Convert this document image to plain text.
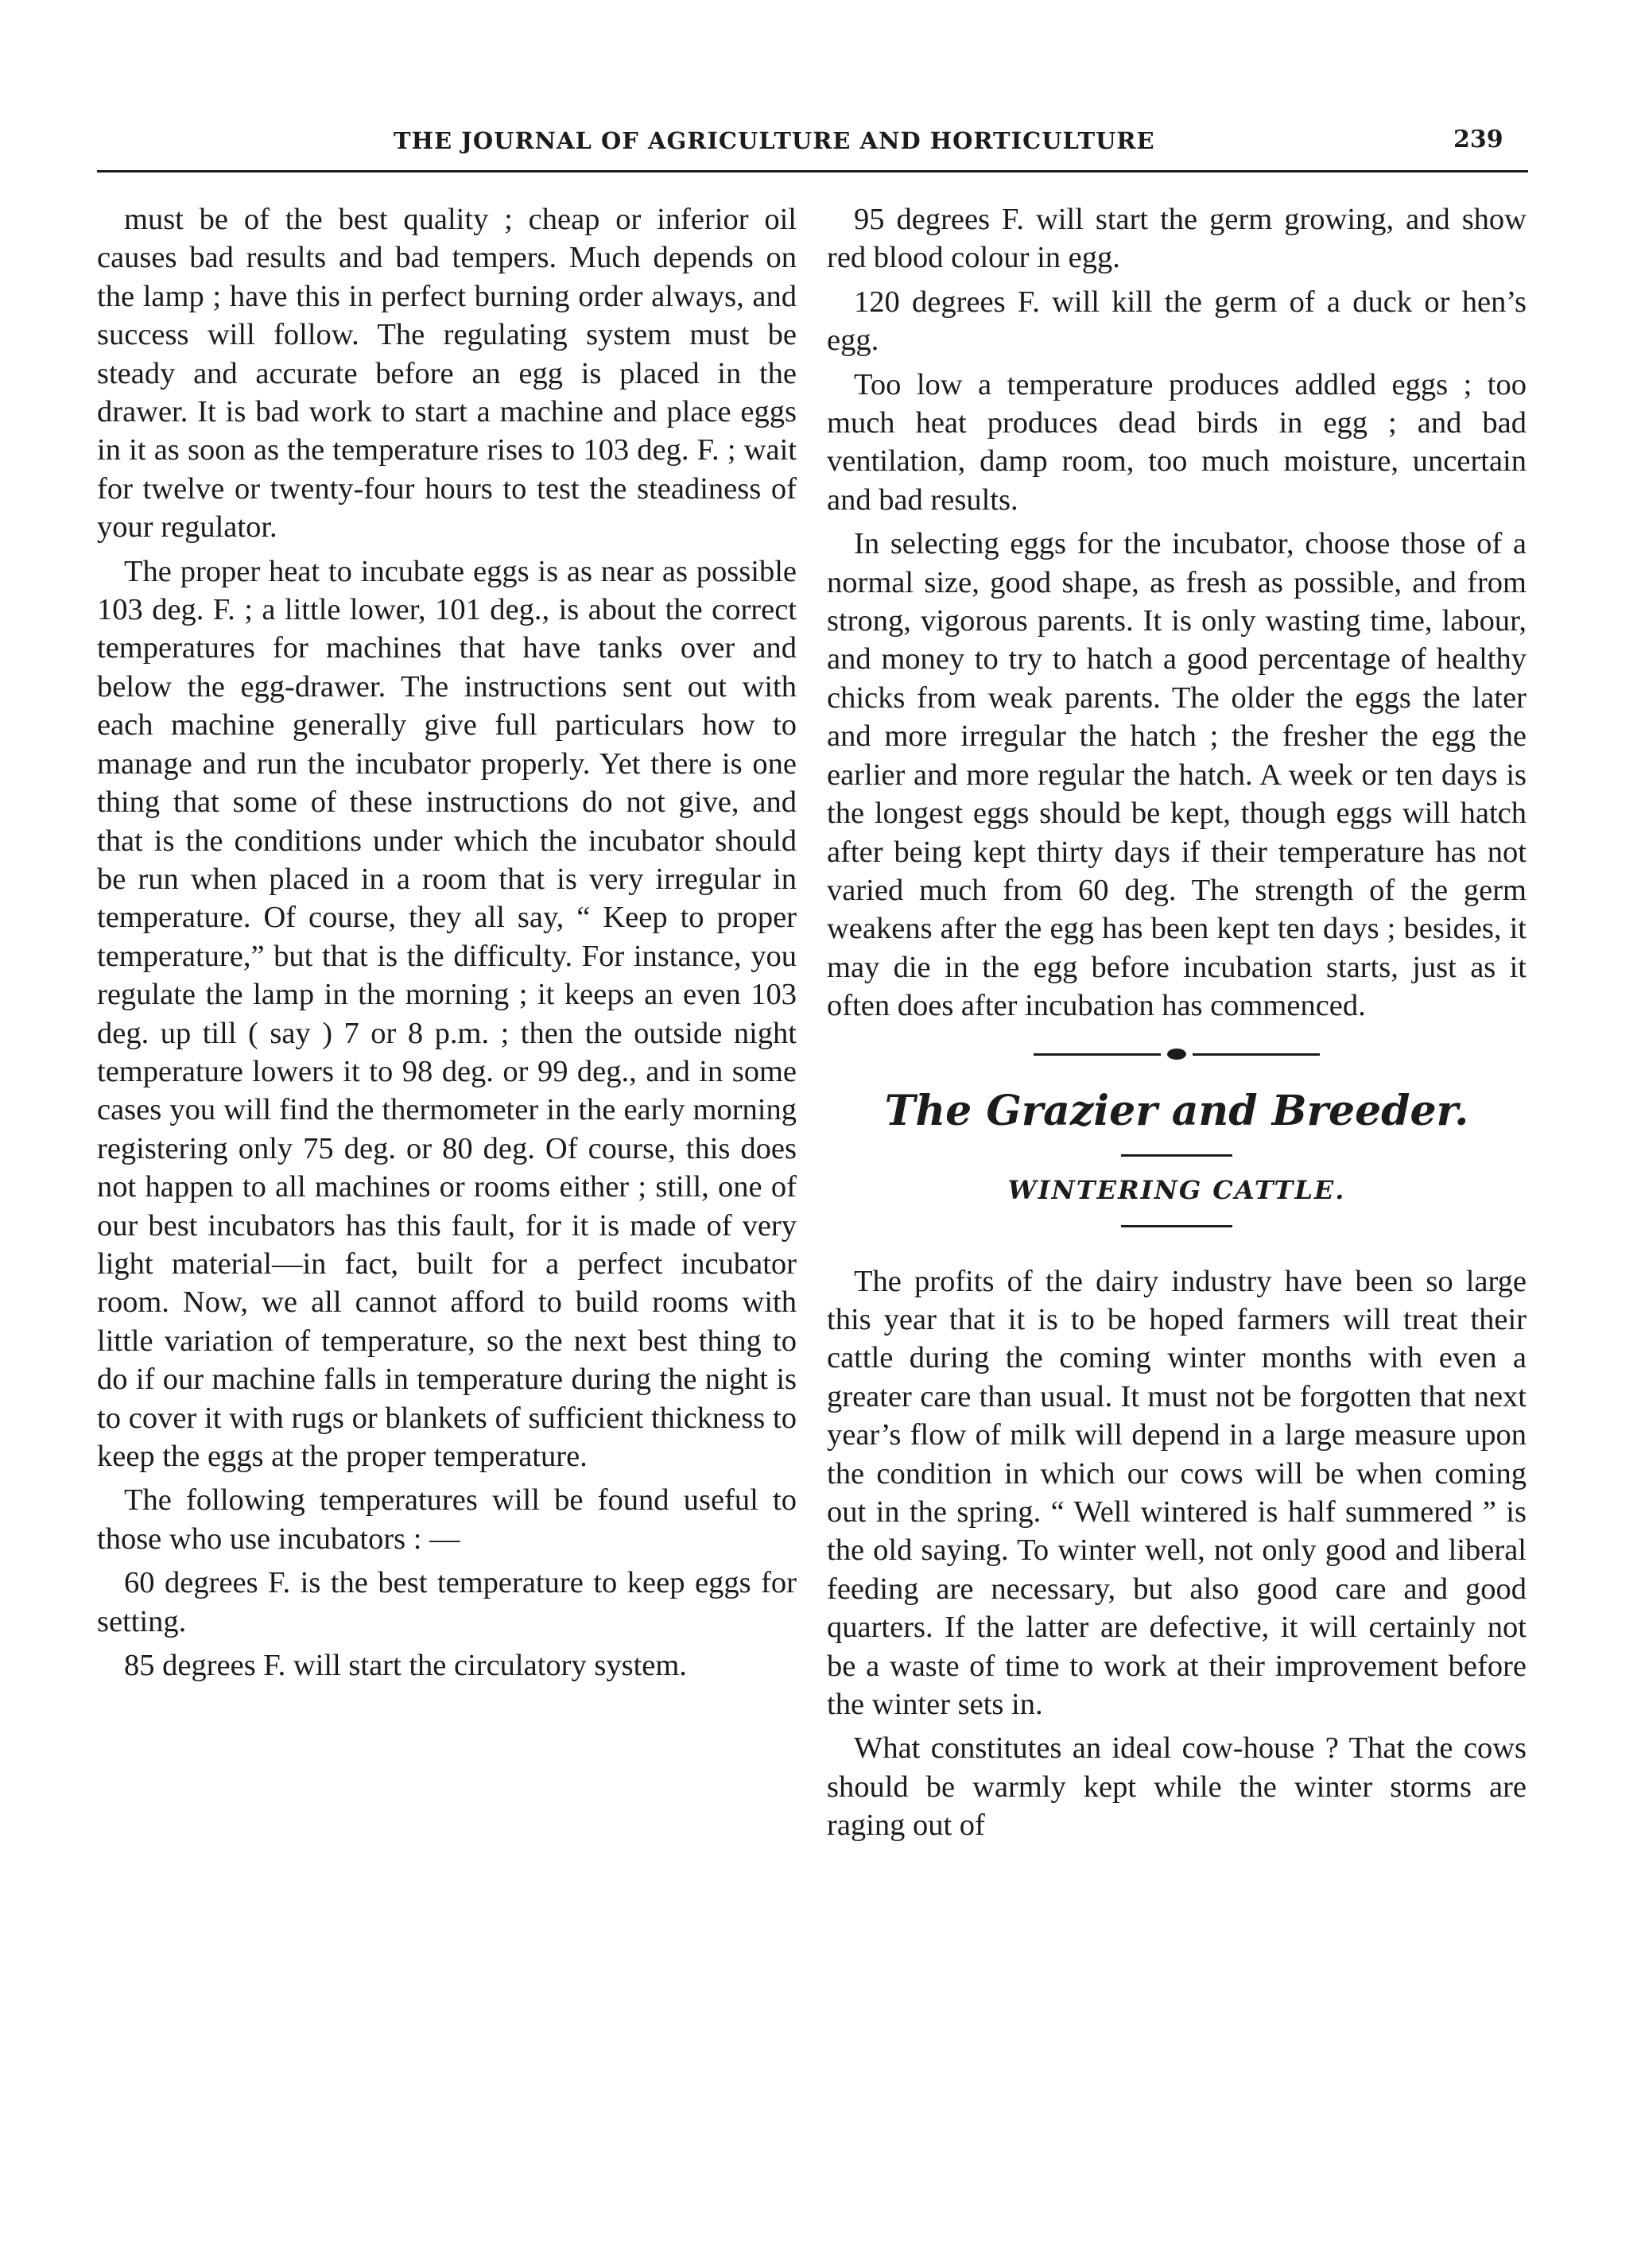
THE JOURNAL OF AGRICULTURE AND HORTICULTURE	239

must be of the best quality ; cheap or inferior oil causes bad results and bad tempers. Much depends on the lamp ; have this in perfect burning order always, and success will follow. The regulating system must be steady and accurate before an egg is placed in the drawer. It is bad work to start a machine and place eggs in it as soon as the temperature rises to 103 deg. F. ; wait for twelve or twenty-four hours to test the steadiness of your regulator.

The proper heat to incubate eggs is as near as possible 103 deg. F. ; a little lower, 101 deg., is about the correct temperatures for machines that have tanks over and below the egg-drawer. The instructions sent out with each machine generally give full particulars how to manage and run the incubator properly. Yet there is one thing that some of these instructions do not give, and that is the conditions under which the incubator should be run when placed in a room that is very irregular in temperature. Of course, they all say, “ Keep to proper temperature,” but that is the difficulty. For instance, you regulate the lamp in the morning ; it keeps an even 103 deg. up till ( say ) 7 or 8 p.m. ; then the outside night temperature lowers it to 98 deg. or 99 deg., and in some cases you will find the thermometer in the early morning registering only 75 deg. or 80 deg. Of course, this does not happen to all machines or rooms either ; still, one of our best incubators has this fault, for it is made of very light material—in fact, built for a perfect incubator room. Now, we all cannot afford to build rooms with little variation of temperature, so the next best thing to do if our machine falls in temperature during the night is to cover it with rugs or blankets of sufficient thickness to keep the eggs at the proper temperature.

The following temperatures will be found useful to those who use incubators : —

60 degrees F. is the best temperature to keep eggs for setting.

85 degrees F. will start the circulatory system.

95 degrees F. will start the germ growing, and show red blood colour in egg.

120 degrees F. will kill the germ of a duck or hen’s egg.

Too low a temperature produces addled eggs ; too much heat produces dead birds in egg ; and bad ventilation, damp room, too much moisture, uncertain and bad results.

In selecting eggs for the incubator, choose those of a normal size, good shape, as fresh as possible, and from strong, vigorous parents. It is only wasting time, labour, and money to try to hatch a good percentage of healthy chicks from weak parents. The older the eggs the later and more irregular the hatch ; the fresher the egg the earlier and more regular the hatch. A week or ten days is the longest eggs should be kept, though eggs will hatch after being kept thirty days if their temperature has not varied much from 60 deg. The strength of the germ weakens after the egg has been kept ten days ; besides, it may die in the egg before incubation starts, just as it often does after incubation has commenced.

The Grazier and Breeder.
WINTERING CATTLE.

The profits of the dairy industry have been so large this year that it is to be hoped farmers will treat their cattle during the coming winter months with even a greater care than usual. It must not be forgotten that next year’s flow of milk will depend in a large measure upon the condition in which our cows will be when coming out in the spring. “ Well wintered is half summered ” is the old saying. To winter well, not only good and liberal feeding are necessary, but also good care and good quarters. If the latter are defective, it will certainly not be a waste of time to work at their improvement before the winter sets in.

What constitutes an ideal cow-house ? That the cows should be warmly kept while the winter storms are raging out of
